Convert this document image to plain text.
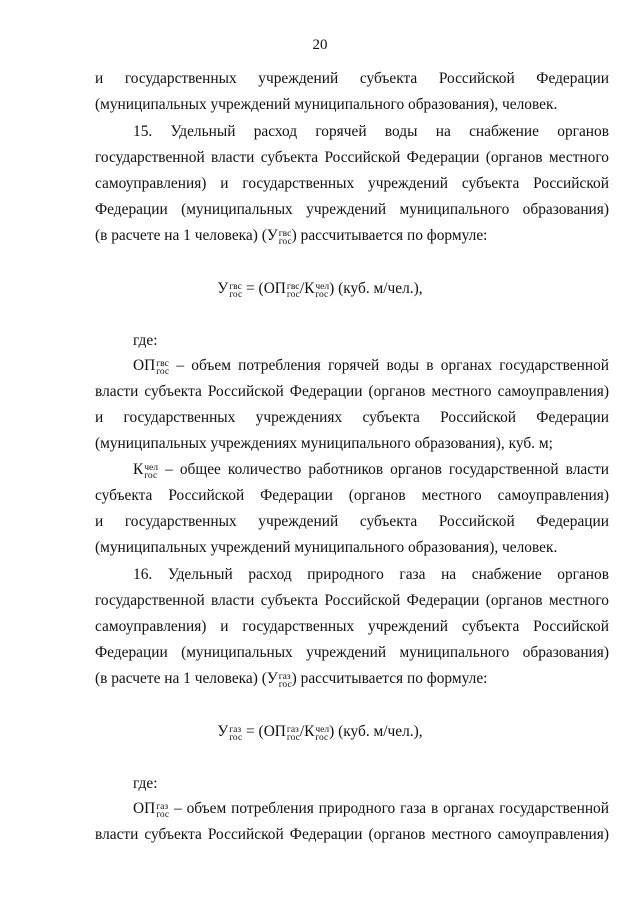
20
и государственных учреждений субъекта Российской Федерации
(муниципальных учреждений муниципального образования), человек.
15. Удельный расход горячей воды на снабжение органов
государственной власти субъекта Российской Федерации (органов местного
самоуправления) и государственных учреждений субъекта Российской
Федерации (муниципальных учреждений муниципального образования)
где:
власти субъекта Российской Федерации (органов местного самоуправления)
и государственных учреждениях субъекта Российской Федерации
(муниципальных учреждениях муниципального образования), куб. м;
субъекта Российской Федерации (органов местного самоуправления)
и государственных учреждений субъекта Российской Федерации
(муниципальных учреждений муниципального образования), человек.
16. Удельный расход природного газа на снабжение органов
государственной власти субъекта Российской Федерации (органов местного
самоуправления) и государственных учреждений субъекта Российской
Федерации (муниципальных учреждений муниципального образования)
где:
власти субъекта Российской Федерации (органов местного самоуправления)
(в расчете на 1 человека) (У гвс
гос ) рассчитывается по формуле:
У гвс
гос = (ОП гвс
гос /К чел
гос ) (куб. м/чел.),
ОП гвс
гос – объем потребления горячей воды в органах государственной
К чел
гос – общее количество работников органов государственной власти
(в расчете на 1 человека) (У газ
гос ) рассчитывается по формуле:
У газ
гос = (ОП газ
гос /К чел
гос ) (куб. м/чел.),
ОП газ
гос – объем потребления природного газа в органах государственной
